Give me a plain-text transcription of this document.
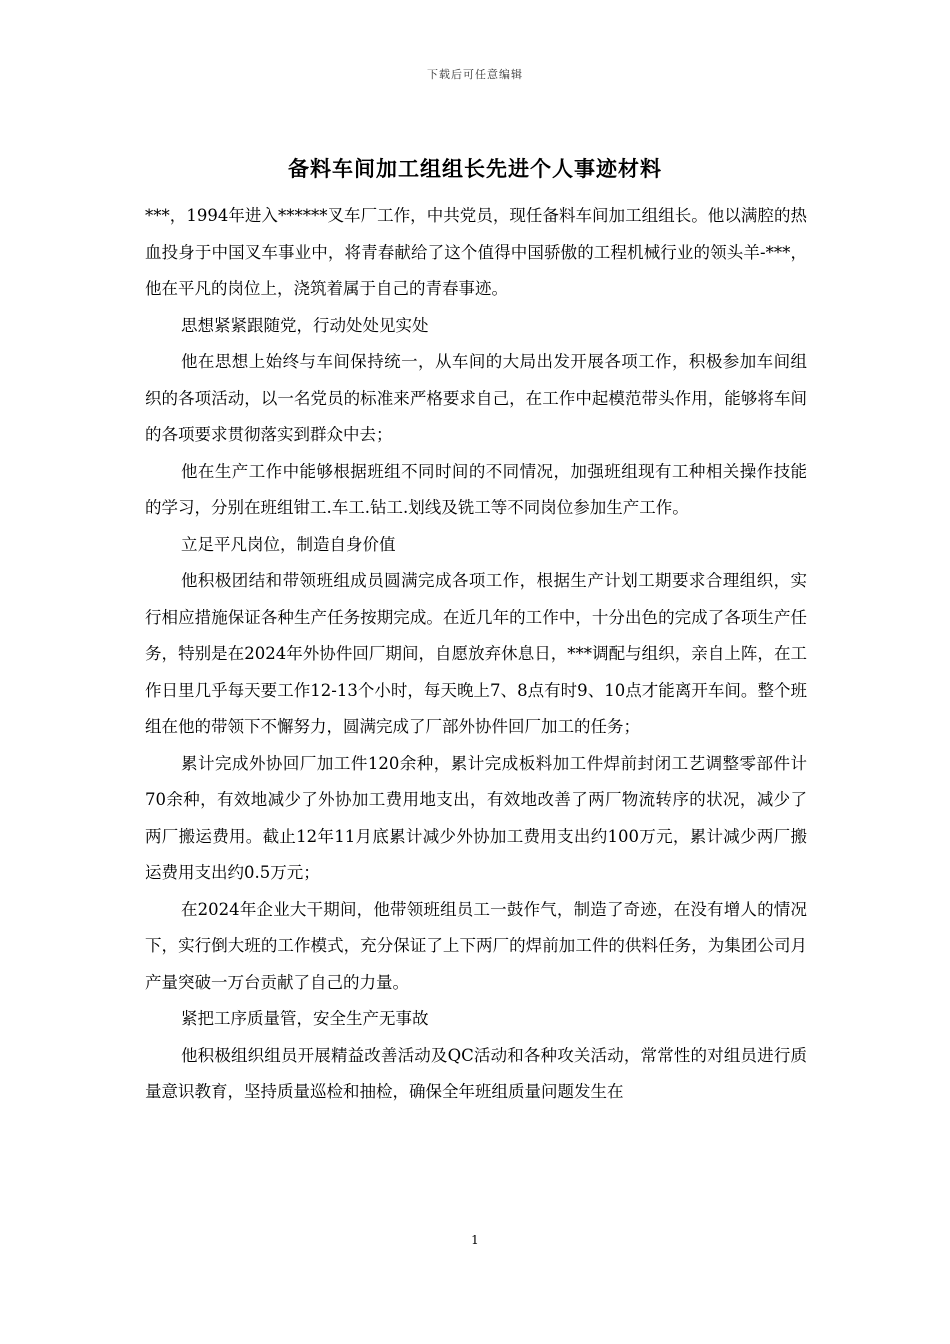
下载后可任意编辑
备料车间加工组组长先进个人事迹材料

***，1994年进入******叉车厂工作，中共党员，现任备料车间加工组组长。他以满腔的热血投身于中国叉车事业中，将青春献给了这个值得中国骄傲的工程机械行业的领头羊-***，他在平凡的岗位上，浇筑着属于自己的青春事迹。

思想紧紧跟随党，行动处处见实处

他在思想上始终与车间保持统一，从车间的大局出发开展各项工作，积极参加车间组织的各项活动，以一名党员的标准来严格要求自己，在工作中起模范带头作用，能够将车间的各项要求贯彻落实到群众中去；

他在生产工作中能够根据班组不同时间的不同情况，加强班组现有工种相关操作技能的学习，分别在班组钳工.车工.钻工.划线及铣工等不同岗位参加生产工作。

立足平凡岗位，制造自身价值

他积极团结和带领班组成员圆满完成各项工作，根据生产计划工期要求合理组织，实行相应措施保证各种生产任务按期完成。在近几年的工作中，十分出色的完成了各项生产任务，特别是在2024年外协件回厂期间，自愿放弃休息日，***调配与组织，亲自上阵，在工作日里几乎每天要工作12-13个小时，每天晚上7、8点有时9、10点才能离开车间。整个班组在他的带领下不懈努力，圆满完成了厂部外协件回厂加工的任务；

累计完成外协回厂加工件120余种，累计完成板料加工件焊前封闭工艺调整零部件计70余种，有效地减少了外协加工费用地支出，有效地改善了两厂物流转序的状况，减少了两厂搬运费用。截止12年11月底累计减少外协加工费用支出约100万元，累计减少两厂搬运费用支出约0.5万元；

在2024年企业大干期间，他带领班组员工一鼓作气，制造了奇迹，在没有增人的情况下，实行倒大班的工作模式，充分保证了上下两厂的焊前加工件的供料任务，为集团公司月产量突破一万台贡献了自己的力量。

紧把工序质量管，安全生产无事故

他积极组织组员开展精益改善活动及QC活动和各种攻关活动，常常性的对组员进行质量意识教育，坚持质量巡检和抽检，确保全年班组质量问题发生在

1
